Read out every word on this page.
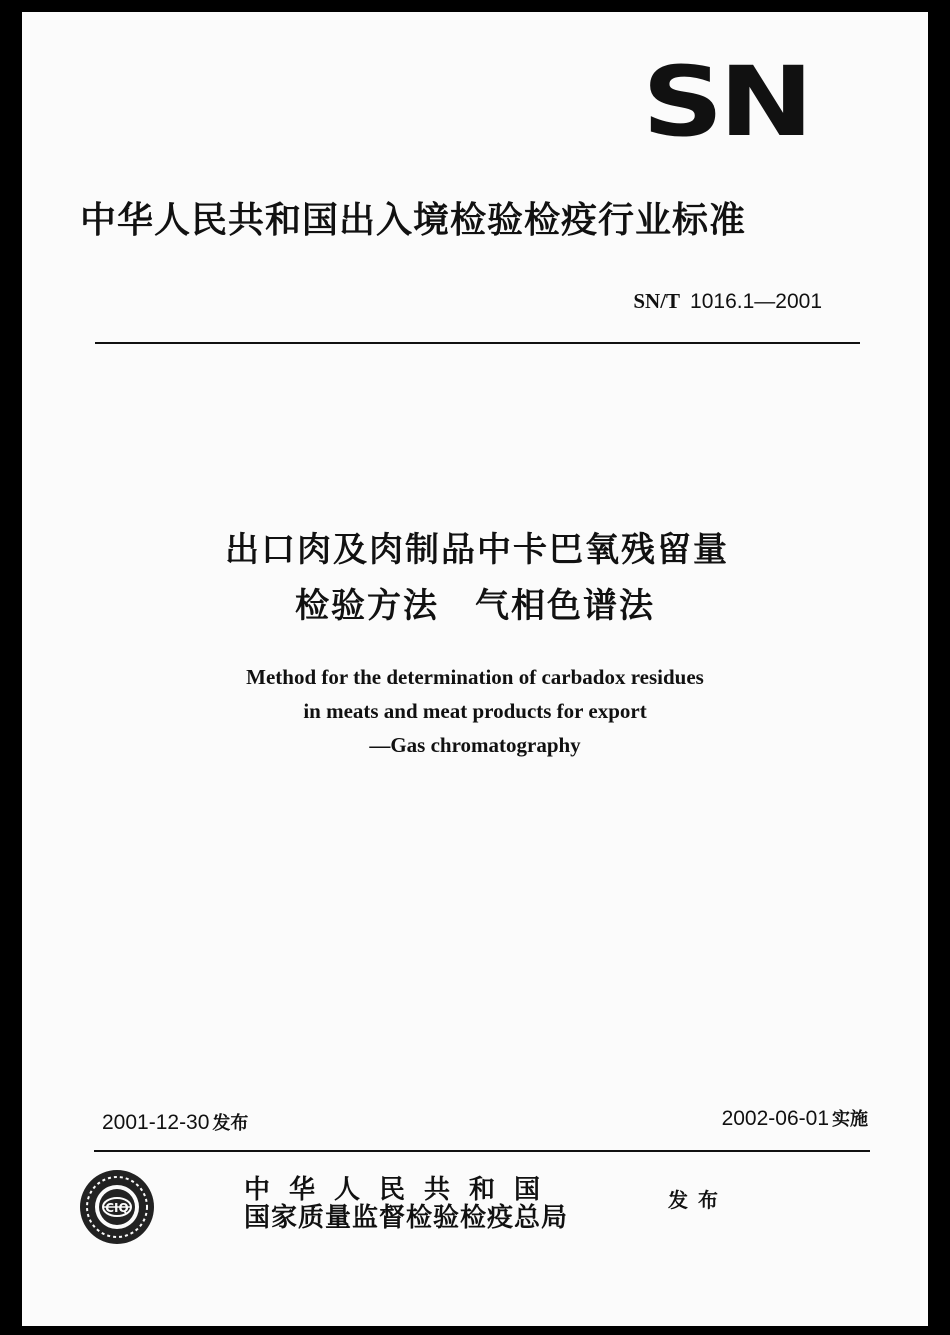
SN
中华人民共和国出入境检验检疫行业标准
SN/T 1016.1—2001
出口肉及肉制品中卡巴氧残留量
检验方法 气相色谱法
Method for the determination of carbadox residues
in meats and meat products for export
—Gas chromatography
2001-12-30 发布	2002-06-01 实施
CIQ
中华人民共和国
国家质量监督检验检疫总局
发布
